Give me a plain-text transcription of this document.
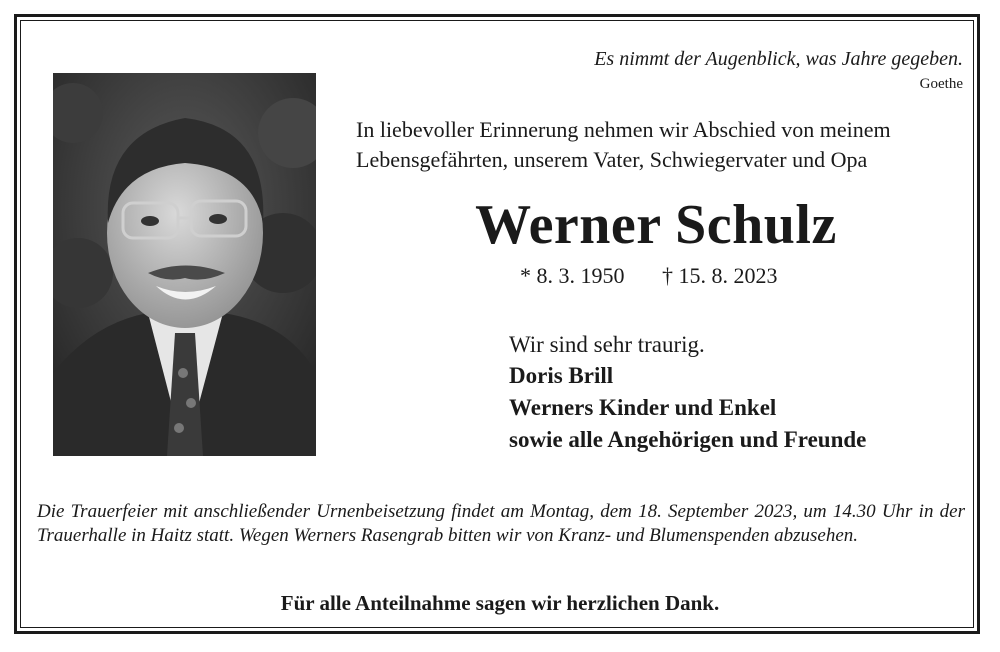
Es nimmt der Augenblick, was Jahre gegeben.
Goethe
In liebevoller Erinnerung nehmen wir Abschied von meinem
Lebensgefährten, unserem Vater, Schwiegervater und Opa
Werner Schulz
* 8. 3. 1950 † 15. 8. 2023
Wir sind sehr traurig.
Doris Brill
Werners Kinder und Enkel
sowie alle Angehörigen und Freunde
Die Trauerfeier mit anschließender Urnenbeisetzung findet am Montag, dem 18. September 2023, um 14.30 Uhr in der Trauerhalle in Haitz statt. Wegen Werners Rasengrab bitten wir von Kranz- und Blumenspenden abzusehen.
Für alle Anteilnahme sagen wir herzlichen Dank.
